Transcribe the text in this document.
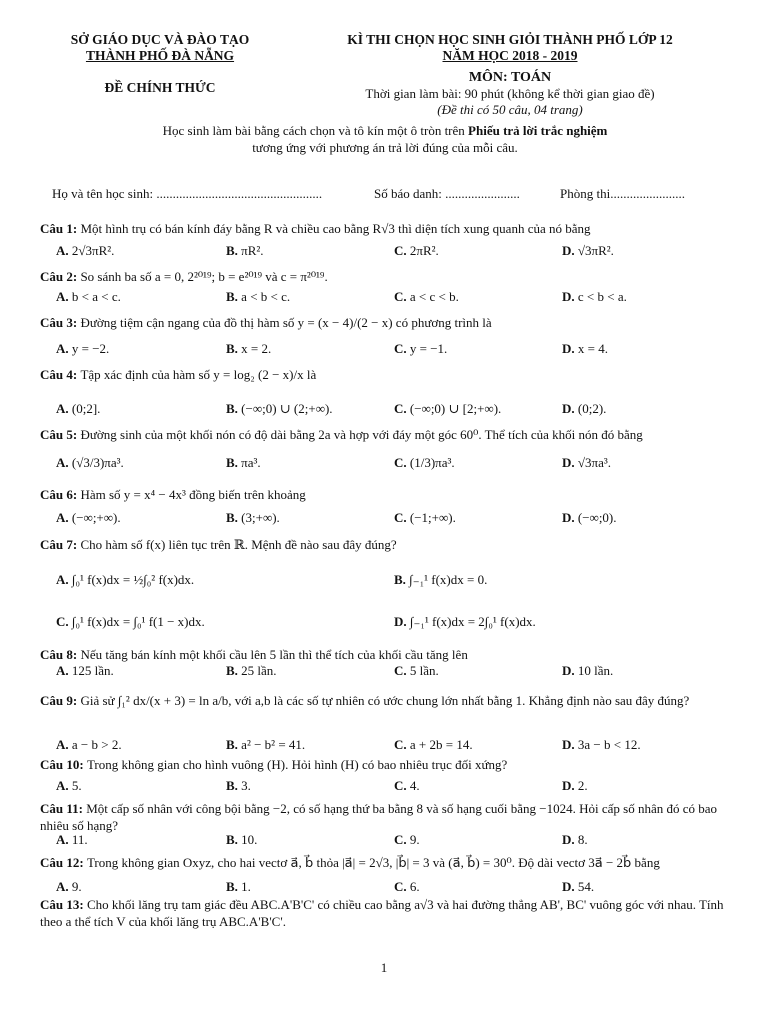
SỞ GIÁO DỤC VÀ ĐÀO TẠO
THÀNH PHỐ ĐÀ NẴNG
ĐỀ CHÍNH THỨC
KÌ THI CHỌN HỌC SINH GIỎI THÀNH PHỐ LỚP 12
NĂM HỌC 2018 - 2019
MÔN: TOÁN
Thời gian làm bài: 90 phút (không kể thời gian giao đề)
(Đề thi có 50 câu, 04 trang)
Học sinh làm bài bằng cách chọn và tô kín một ô tròn trên Phiếu trả lời trắc nghiệm
tương ứng với phương án trả lời đúng của mỗi câu.
Họ và tên học sinh: ...................................................	Số báo danh: .......................	Phòng thi.......................
Câu 1: Một hình trụ có bán kính đáy bằng R và chiều cao bằng R√3 thì diện tích xung quanh của nó bằng
A. 2√3πR².	B. πR².	C. 2πR².	D. √3πR².
Câu 2: So sánh ba số a = 0, 2²⁰¹⁹; b = e²⁰¹⁹ và c = π²⁰¹⁹.
A. b < a < c.	B. a < b < c.	C. a < c < b.	D. c < b < a.
Câu 3: Đường tiệm cận ngang của đồ thị hàm số y = (x − 4)/(2 − x) có phương trình là
A. y = −2.	B. x = 2.	C. y = −1.	D. x = 4.
Câu 4: Tập xác định của hàm số y = log₂ (2 − x)/x là
A. (0;2].	B. (−∞;0) ∪ (2;+∞).	C. (−∞;0) ∪ [2;+∞).	D. (0;2).
Câu 5: Đường sinh của một khối nón có độ dài bằng 2a và hợp với đáy một góc 60⁰. Thể tích của khối nón đó bằng
A. (√3/3)πa³.	B. πa³.	C. (1/3)πa³.	D. √3πa³.
Câu 6: Hàm số y = x⁴ − 4x³ đồng biến trên khoảng
A. (−∞;+∞).	B. (3;+∞).	C. (−1;+∞).	D. (−∞;0).
Câu 7: Cho hàm số f(x) liên tục trên ℝ. Mệnh đề nào sau đây đúng?
A. ∫₀¹ f(x)dx = ½∫₀² f(x)dx.	B. ∫₋₁¹ f(x)dx = 0.
C. ∫₀¹ f(x)dx = ∫₀¹ f(1 − x)dx.	D. ∫₋₁¹ f(x)dx = 2∫₀¹ f(x)dx.
Câu 8: Nếu tăng bán kính một khối cầu lên 5 lần thì thể tích của khối cầu tăng lên
A. 125 lần.	B. 25 lần.	C. 5 lần.	D. 10 lần.
Câu 9: Giả sử ∫₁² dx/(x + 3) = ln a/b, với a,b là các số tự nhiên có ước chung lớn nhất bằng 1. Khẳng định nào sau đây đúng?
A. a − b > 2.	B. a² − b² = 41.	C. a + 2b = 14.	D. 3a − b < 12.
Câu 10: Trong không gian cho hình vuông (H). Hỏi hình (H) có bao nhiêu trục đối xứng?
A. 5.	B. 3.	C. 4.	D. 2.
Câu 11: Một cấp số nhân với công bội bằng −2, có số hạng thứ ba bằng 8 và số hạng cuối bằng −1024. Hỏi cấp số nhân đó có bao nhiêu số hạng?
A. 11.	B. 10.	C. 9.	D. 8.
Câu 12: Trong không gian Oxyz, cho hai vectơ a⃗, b⃗ thỏa |a⃗| = 2√3, |b⃗| = 3 và (a⃗, b⃗) = 30⁰. Độ dài vectơ 3a⃗ − 2b⃗ bằng
A. 9.	B. 1.	C. 6.	D. 54.
Câu 13: Cho khối lăng trụ tam giác đều ABC.A'B'C' có chiều cao bằng a√3 và hai đường thẳng AB', BC' vuông góc với nhau. Tính theo a thể tích V của khối lăng trụ ABC.A'B'C'.
1
